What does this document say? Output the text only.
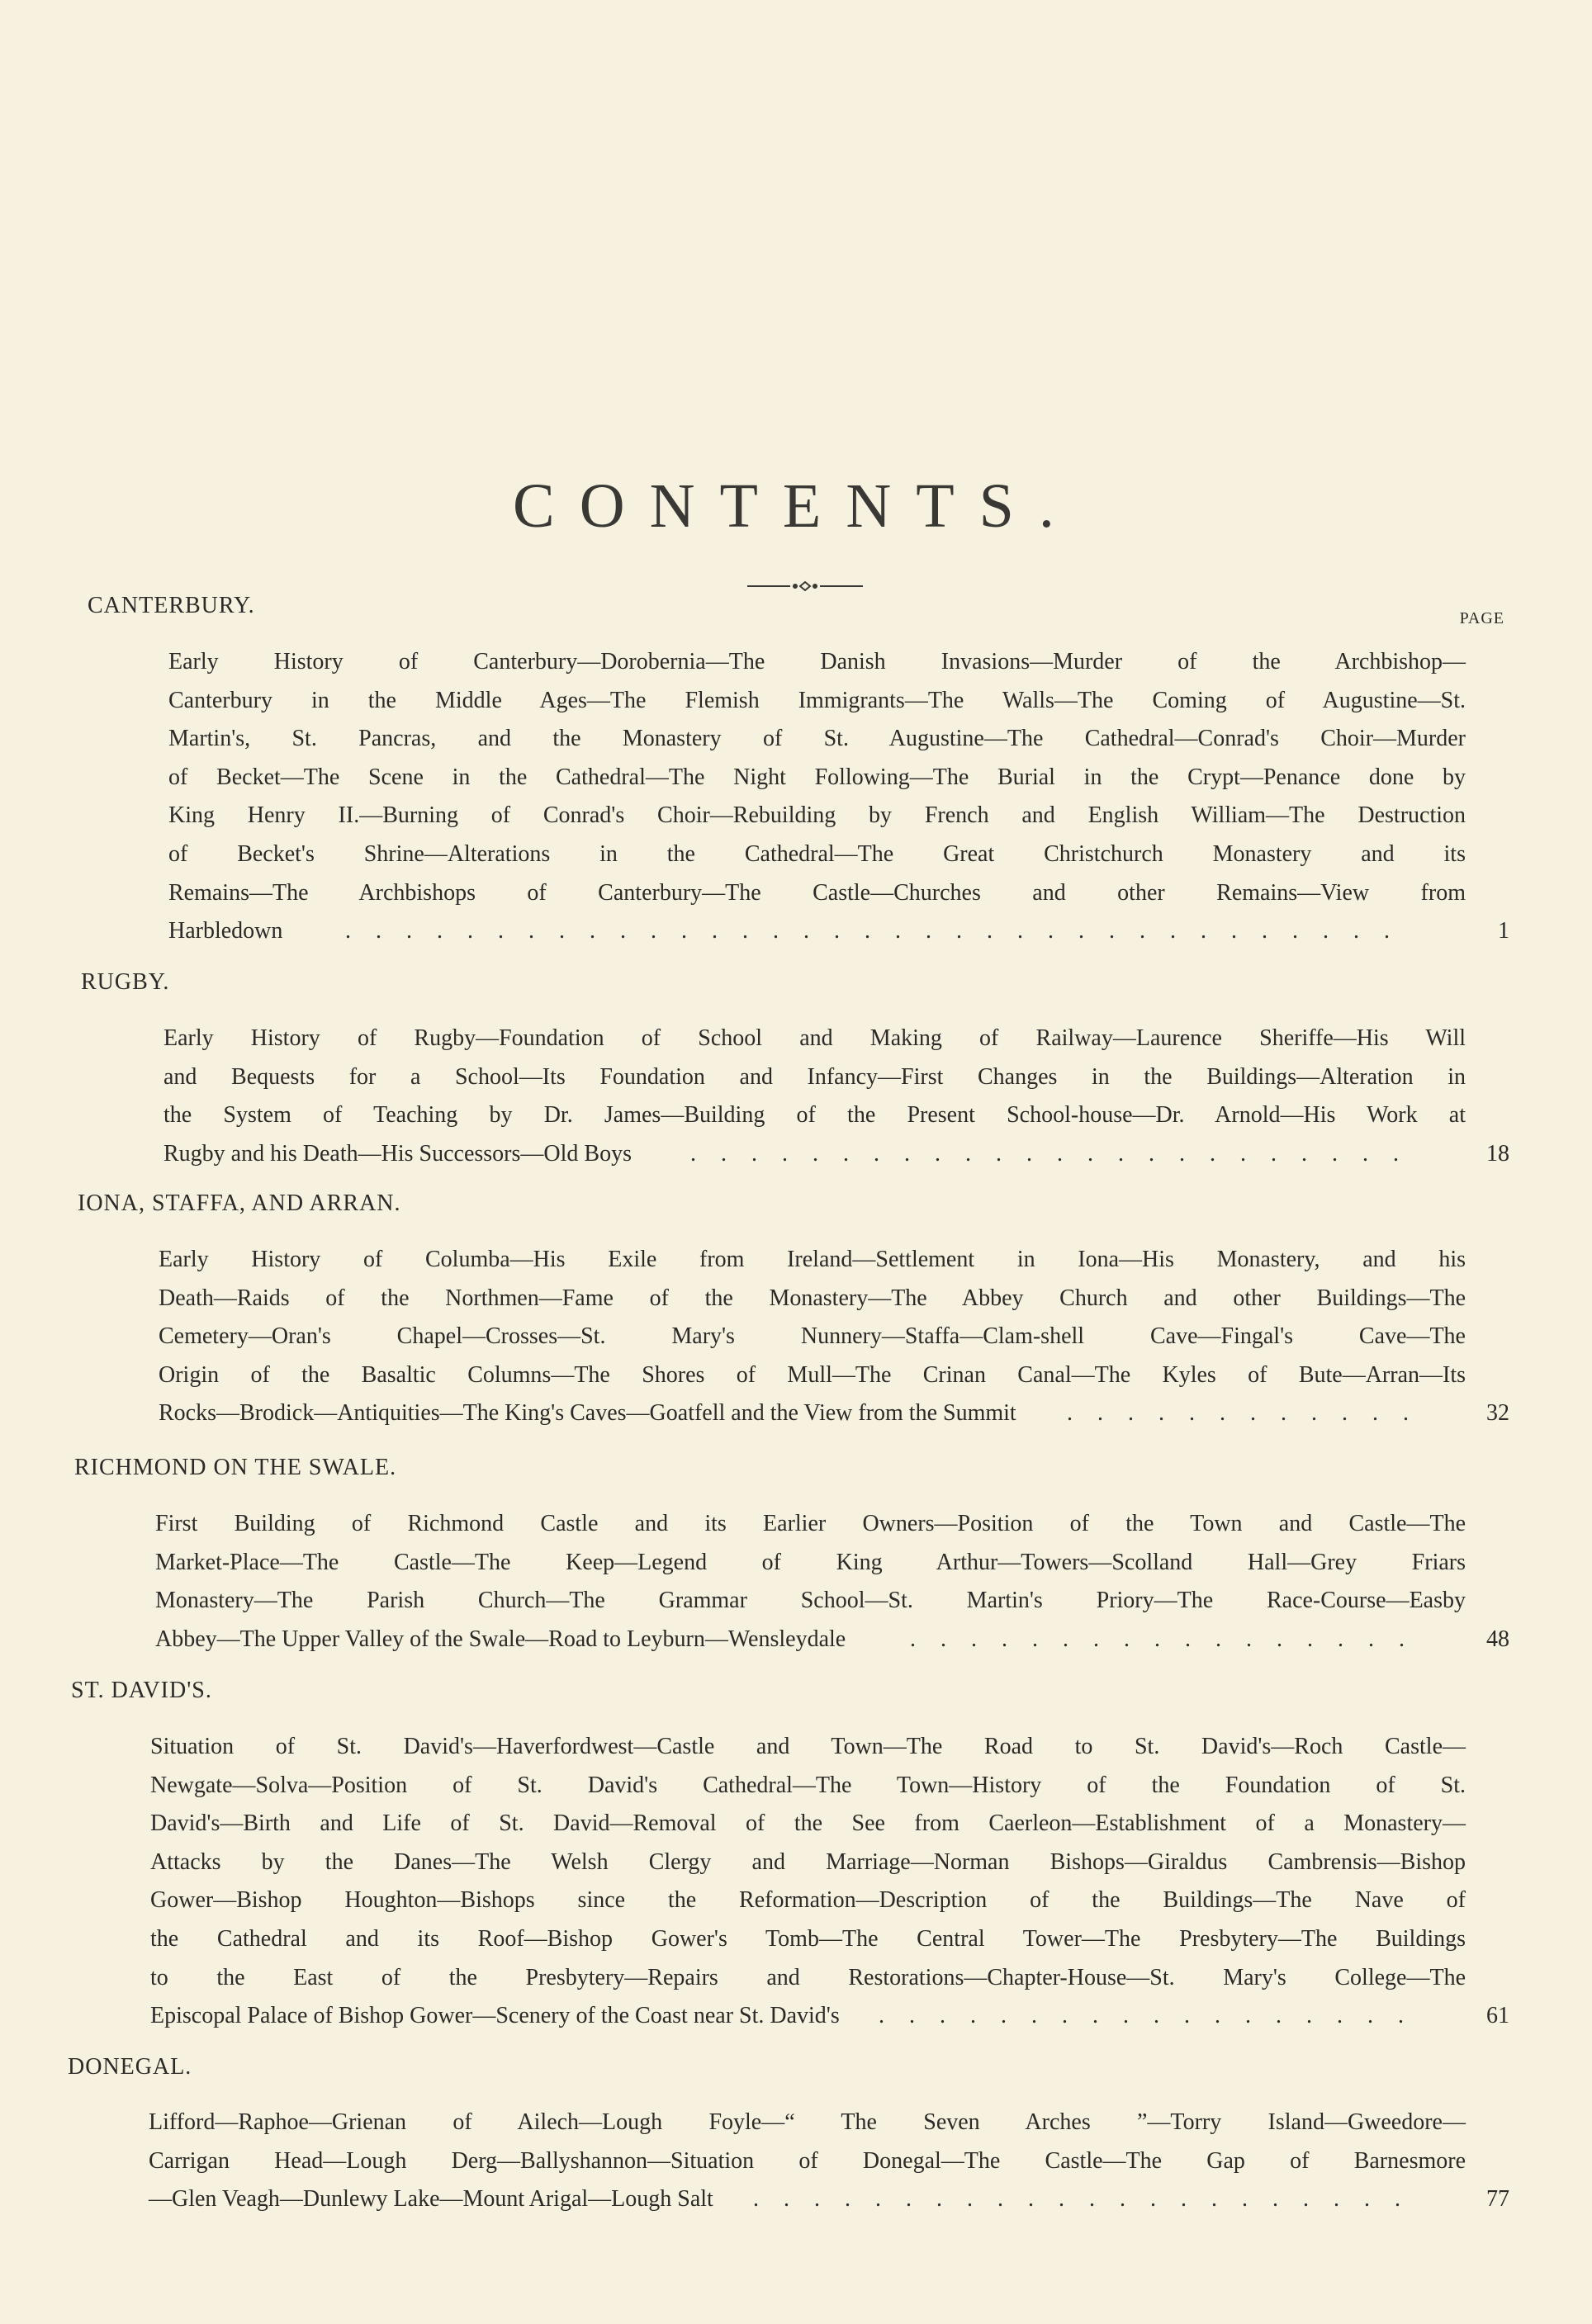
CONTENTS.
PAGE
CANTERBURY.
Early History of Canterbury—Dorobernia—The Danish Invasions—Murder of the Archbishop—
Canterbury in the Middle Ages—The Flemish Immigrants—The Walls—The Coming of Augustine—St.
Martin's, St. Pancras, and the Monastery of St. Augustine—The Cathedral—Conrad's Choir—Murder
of Becket—The Scene in the Cathedral—The Night Following—The Burial in the Crypt—Penance done by
King Henry II.—Burning of Conrad's Choir—Rebuilding by French and English William—The Destruction
of Becket's Shrine—Alterations in the Cathedral—The Great Christchurch Monastery and its
Remains—The Archbishops of Canterbury—The Castle—Churches and other Remains—View from
Harbledown	...................................	1
RUGBY.
Early History of Rugby—Foundation of School and Making of Railway—Laurence Sheriffe—His Will
and Bequests for a School—Its Foundation and Infancy—First Changes in the Buildings—Alteration in
the System of Teaching by Dr. James—Building of the Present School-house—Dr. Arnold—His Work at
Rugby and his Death—His Successors—Old Boys	........................	18
IONA, STAFFA, AND ARRAN.
Early History of Columba—His Exile from Ireland—Settlement in Iona—His Monastery, and his
Death—Raids of the Northmen—Fame of the Monastery—The Abbey Church and other Buildings—The
Cemetery—Oran's Chapel—Crosses—St. Mary's Nunnery—Staffa—Clam-shell Cave—Fingal's Cave—The
Origin of the Basaltic Columns—The Shores of Mull—The Crinan Canal—The Kyles of Bute—Arran—Its
Rocks—Brodick—Antiquities—The King's Caves—Goatfell and the View from the Summit ............	32
RICHMOND ON THE SWALE.
First Building of Richmond Castle and its Earlier Owners—Position of the Town and Castle—The
Market-Place—The Castle—The Keep—Legend of King Arthur—Towers—Scolland Hall—Grey Friars
Monastery—The Parish Church—The Grammar School—St. Martin's Priory—The Race-Course—Easby
Abbey—The Upper Valley of the Swale—Road to Leyburn—Wensleydale	.................	48
ST. DAVID'S.
Situation of St. David's—Haverfordwest—Castle and Town—The Road to St. David's—Roch Castle—
Newgate—Solva—Position of St. David's Cathedral—The Town—History of the Foundation of St.
David's—Birth and Life of St. David—Removal of the See from Caerleon—Establishment of a Monastery—
Attacks by the Danes—The Welsh Clergy and Marriage—Norman Bishops—Giraldus Cambrensis—Bishop
Gower—Bishop Houghton—Bishops since the Reformation—Description of the Buildings—The Nave of
the Cathedral and its Roof—Bishop Gower's Tomb—The Central Tower—The Presbytery—The Buildings
to the East of the Presbytery—Repairs and Restorations—Chapter-House—St. Mary's College—The
Episcopal Palace of Bishop Gower—Scenery of the Coast near St. David's ..................	61
DONEGAL.
Lifford—Raphoe—Grienan of Ailech—Lough Foyle—“ The Seven Arches ”—Torry Island—Gweedore—
Carrigan Head—Lough Derg—Ballyshannon—Situation of Donegal—The Castle—The Gap of Barnesmore
—Glen Veagh—Dunlewy Lake—Mount Arigal—Lough Salt ......................	77
